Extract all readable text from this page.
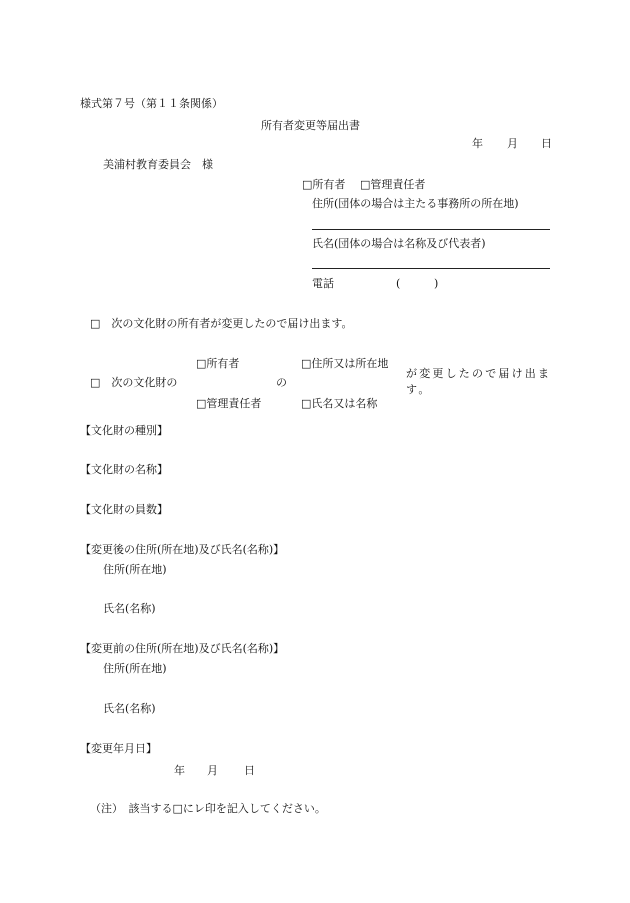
様式第７号（第１１条関係）
所有者変更等届出書
年 月 日
美浦村教育委員会　様
□所有者 □管理責任者
住所(団体の場合は主たる事務所の所在地)
氏名(団体の場合は名称及び代表者)
電話	(	)
□　次の文化財の所有者が変更したので届け出ます。
□所有者	□住所又は所在地
□　次の文化財の	の
が変更したので届け出ます。
□管理責任者	□氏名又は名称
【文化財の種別】
【文化財の名称】
【文化財の員数】
【変更後の住所(所在地)及び氏名(名称)】
住所(所在地)
氏名(名称)
【変更前の住所(所在地)及び氏名(名称)】
住所(所在地)
氏名(名称)
【変更年月日】
年 月 日
（注）　該当する□にレ印を記入してください。
